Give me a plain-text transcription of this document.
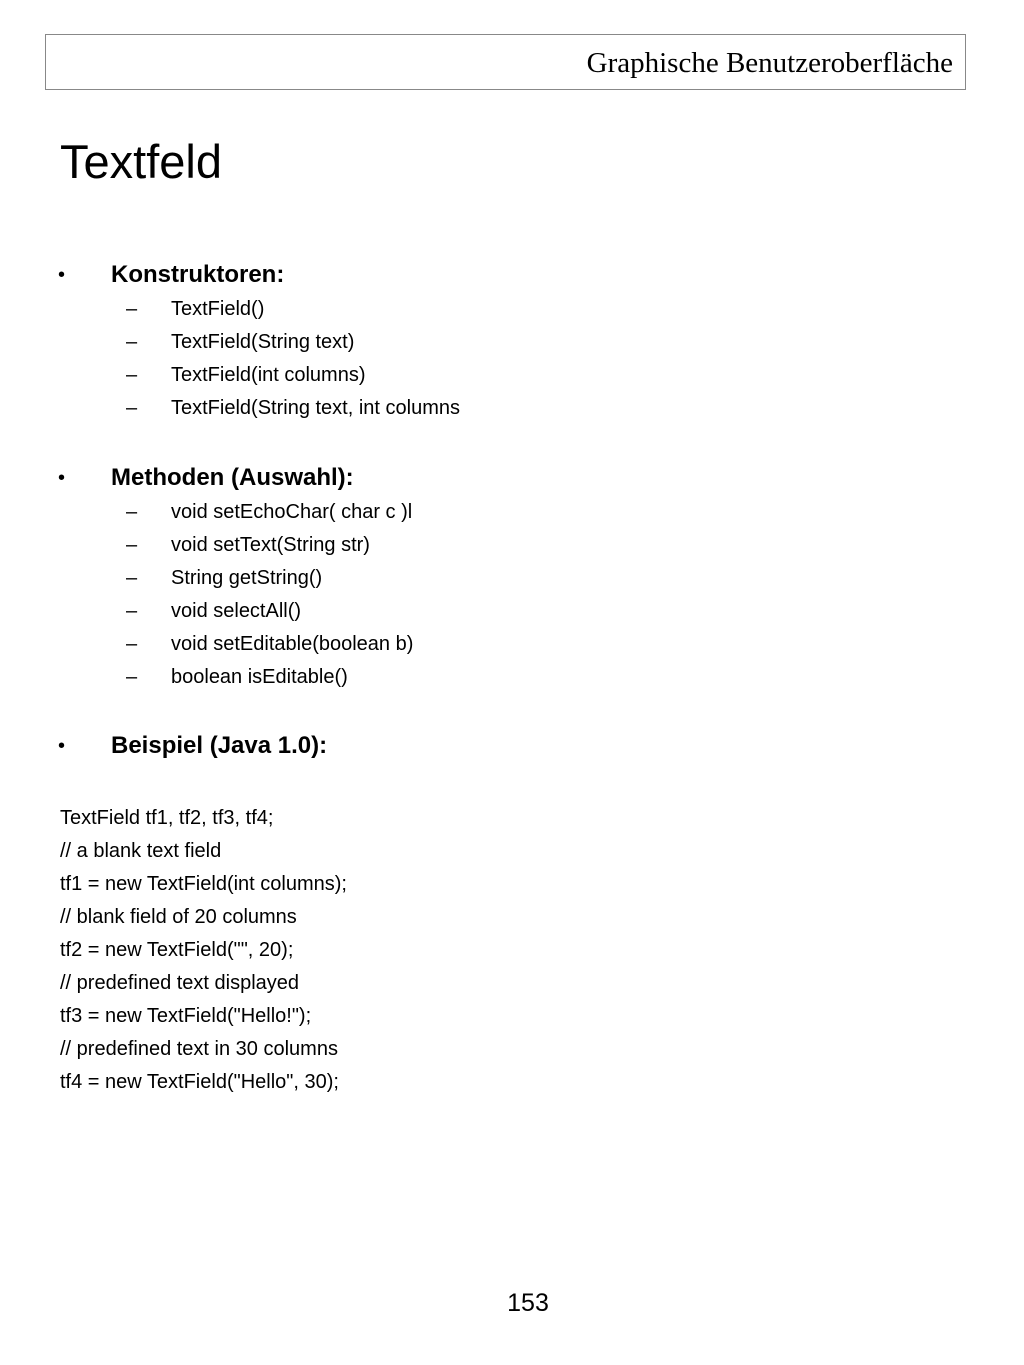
Graphische Benutzeroberfläche
Textfeld
• Konstruktoren:
– TextField()
– TextField(String text)
– TextField(int columns)
– TextField(String text, int columns
• Methoden (Auswahl):
– void setEchoChar( char c )l
– void setText(String str)
– String getString()
– void selectAll()
– void setEditable(boolean b)
– boolean isEditable()
• Beispiel (Java 1.0):
TextField tf1, tf2, tf3, tf4;
// a blank text field
tf1 = new TextField(int columns);
// blank field of 20 columns
tf2 = new TextField("", 20);
// predefined text displayed
tf3 = new TextField("Hello!");
// predefined text in 30 columns
tf4 = new TextField("Hello", 30);
153
